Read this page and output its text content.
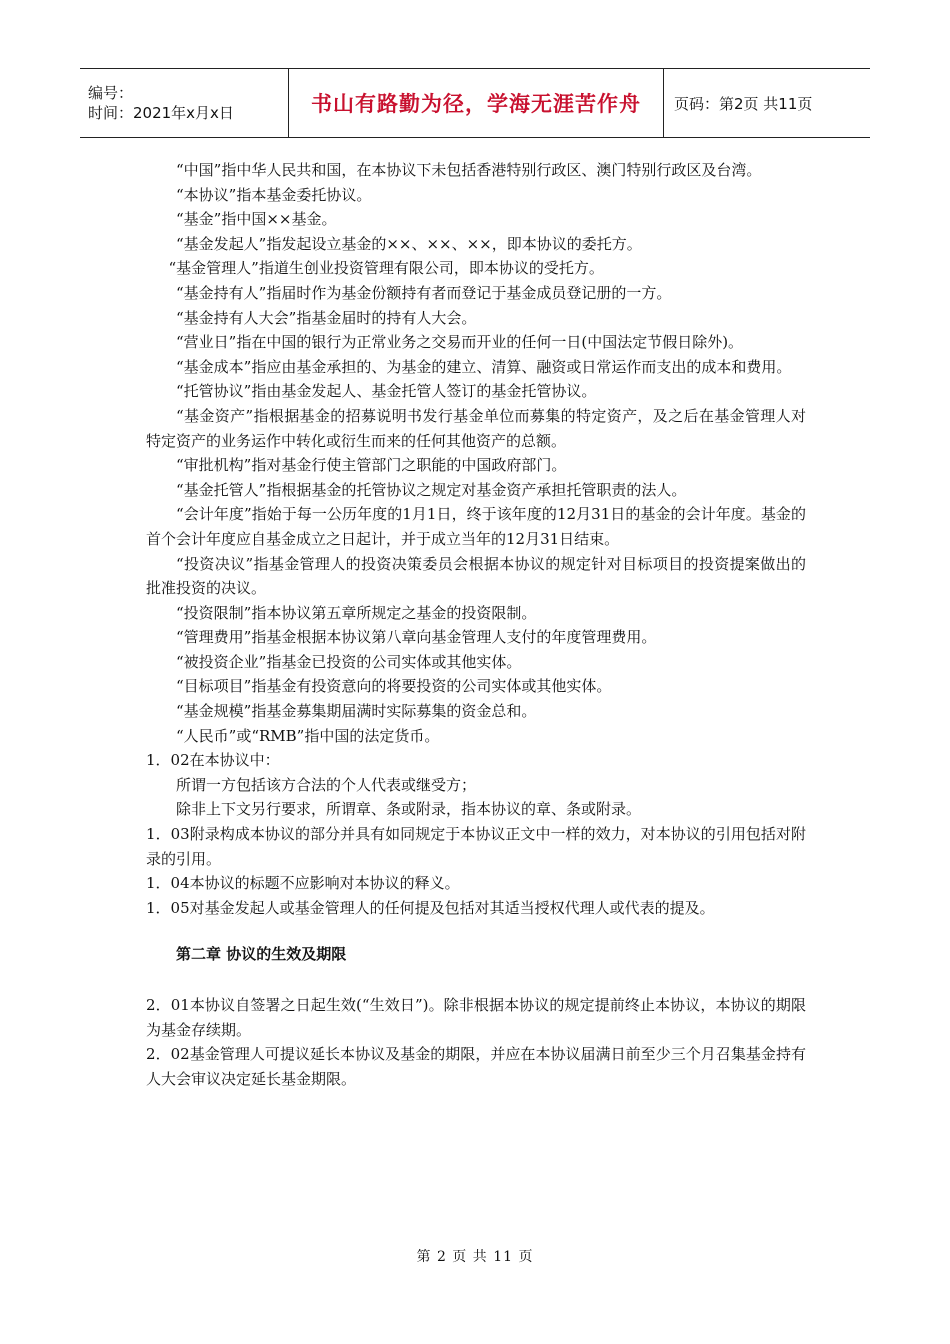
编号：
时间：2021年x月x日	书山有路勤为径，学海无涯苦作舟 页码：第2页 共11页

“中国”指中华人民共和国，在本协议下未包括香港特别行政区、澳门特别行政区及台湾。

“本协议”指本基金委托协议。

“基金”指中国××基金。

“基金发起人”指发起设立基金的××、××、××，即本协议的委托方。

“基金管理人”指道生创业投资管理有限公司，即本协议的受托方。

“基金持有人”指届时作为基金份额持有者而登记于基金成员登记册的一方。

“基金持有人大会”指基金届时的持有人大会。

“营业日”指在中国的银行为正常业务之交易而开业的任何一日(中国法定节假日除外)。

“基金成本”指应由基金承担的、为基金的建立、清算、融资或日常运作而支出的成本和费用。

“托管协议”指由基金发起人、基金托管人签订的基金托管协议。

“基金资产”指根据基金的招募说明书发行基金单位而募集的特定资产，及之后在基金管理人对特定资产的业务运作中转化或衍生而来的任何其他资产的总额。

“审批机构”指对基金行使主管部门之职能的中国政府部门。

“基金托管人”指根据基金的托管协议之规定对基金资产承担托管职责的法人。

“会计年度”指始于每一公历年度的1月1日，终于该年度的12月31日的基金的会计年度。基金的首个会计年度应自基金成立之日起计，并于成立当年的12月31日结束。

“投资决议”指基金管理人的投资决策委员会根据本协议的规定针对目标项目的投资提案做出的批准投资的决议。

“投资限制”指本协议第五章所规定之基金的投资限制。

“管理费用”指基金根据本协议第八章向基金管理人支付的年度管理费用。

“被投资企业”指基金已投资的公司实体或其他实体。

“目标项目”指基金有投资意向的将要投资的公司实体或其他实体。

“基金规模”指基金募集期届满时实际募集的资金总和。

“人民币”或“RMB”指中国的法定货币。

1．02在本协议中：

所谓一方包括该方合法的个人代表或继受方；

除非上下文另行要求，所谓章、条或附录，指本协议的章、条或附录。

1．03附录构成本协议的部分并具有如同规定于本协议正文中一样的效力，对本协议的引用包括对附录的引用。

1．04本协议的标题不应影响对本协议的释义。

1．05对基金发起人或基金管理人的任何提及包括对其适当授权代理人或代表的提及。

第二章 协议的生效及期限

2．01本协议自签署之日起生效(“生效日”)。除非根据本协议的规定提前终止本协议，本协议的期限为基金存续期。

2．02基金管理人可提议延长本协议及基金的期限，并应在本协议届满日前至少三个月召集基金持有人大会审议决定延长基金期限。

第 2 页 共 11 页
